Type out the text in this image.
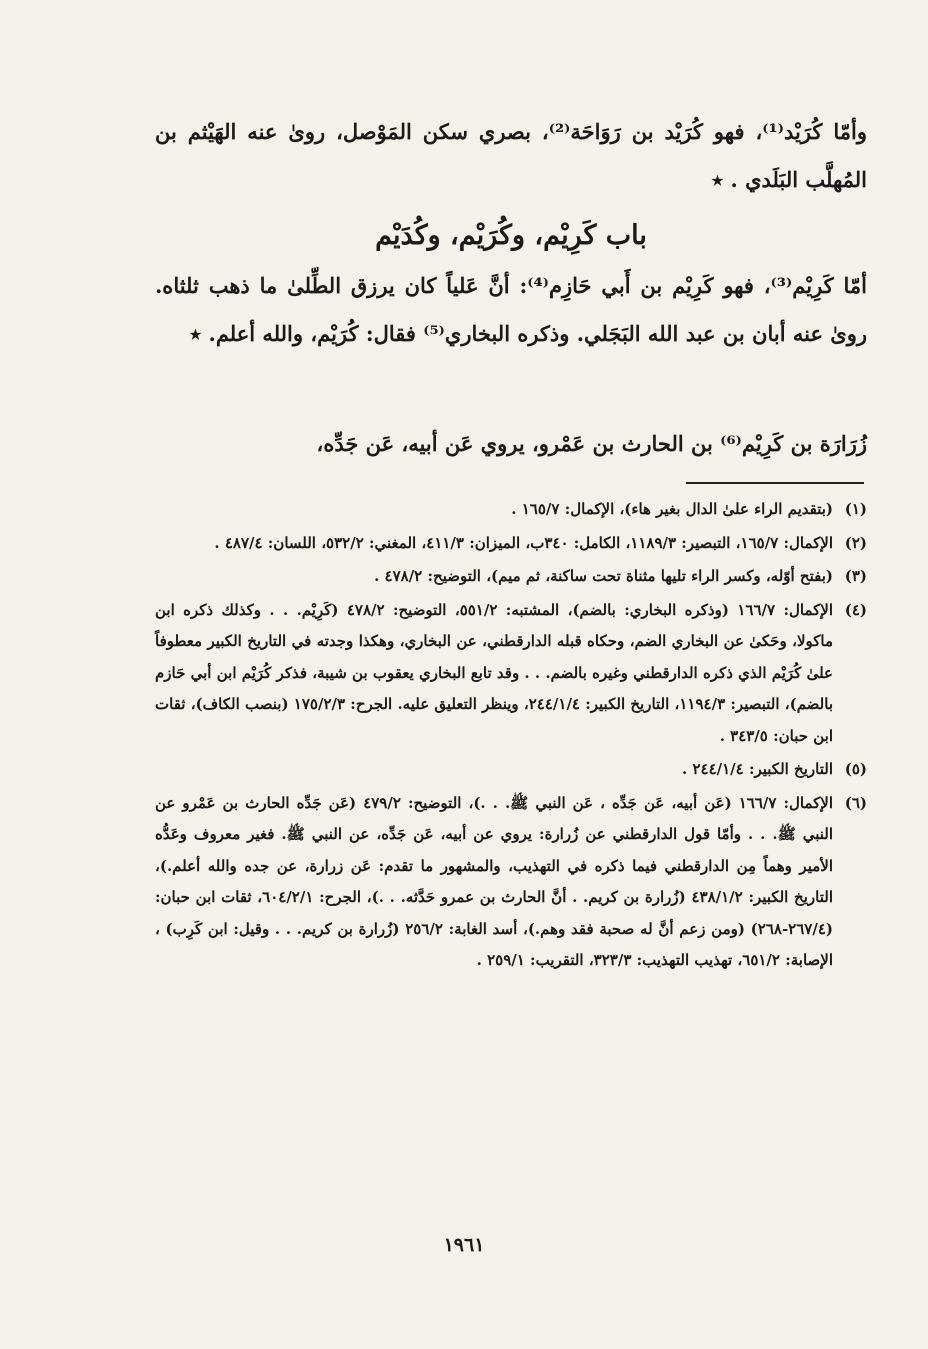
وأمّا كُرَيْد⁽¹⁾، فهو كُرَيْد بن رَوَاحَة⁽²⁾، بصري سكن المَوْصل، روىٰ عنه الهَيْثم بن المُهلَّب البَلَدي . ٭

باب كَرِيْم، وكُرَيْم، وكُدَيْم

أمّا كَرِيْم⁽³⁾، فهو كَرِيْم بن أَبي حَازِم⁽⁴⁾: أنَّ عَلياً كان يرزق الطِّلىٰ ما ذهب ثلثاه. روىٰ عنه أبان بن عبد الله البَجَلي. وذكره البخاري⁽⁵⁾ فقال: كُرَيْم، والله أعلم. ٭

زُرَارَة بن كَرِيْم⁽⁶⁾ بن الحارث بن عَمْرو، يروي عَن أبيه، عَن جَدِّه،

(١)
(بتقديم الراء علىٰ الدال بغير هاء)، الإكمال: ١٦٥/٧ .
(٢)
الإكمال: ١٦٥/٧، التبصير: ١١٨٩/٣، الكامل: ٣٤٠ب، الميزان: ٤١١/٣، المغني: ٥٣٢/٢، اللسان: ٤٨٧/٤ .
(٣)
(بفتح أوّله، وكسر الراء تليها مثناة تحت ساكنة، ثم ميم)، التوضيح: ٤٧٨/٢ .
(٤)
الإكمال: ١٦٦/٧ (وذكره البخاري: بالضم)، المشتبه: ٥٥١/٢، التوضيح: ٤٧٨/٢ (كَرِيْم. . . وكذلك ذكره ابن ماكولا، وحَكىٰ عن البخاري الضم، وحكاه قبله الدارقطني، عن البخاري، وهكذا وجدته في التاريخ الكبير معطوفاً علىٰ كُرَيْم الذي ذكره الدارقطني وغيره بالضم. . . وقد تابع البخاري يعقوب بن شيبة، فذكر كُرَيْم ابن أبي حَازم بالضم)، التبصير: ١١٩٤/٣، التاريخ الكبير: ٢٤٤/١/٤، وينظر التعليق عليه. الجرح: ١٧٥/٢/٣ (بنصب الكاف)، ثقات ابن حبان: ٣٤٣/٥ .
(٥)
التاريخ الكبير: ٢٤٤/١/٤ .
(٦)
الإكمال: ١٦٦/٧ (عَن أبيه، عَن جَدِّه ، عَن النبي ﷺ. . .)، التوضيح: ٤٧٩/٢ (عَن جَدِّه الحارث بن عَمْرو عن النبي ﷺ. . . وأمّا قول الدارقطني عن زُرارة: يروي عن أبيه، عَن جَدِّه، عن النبي ﷺ. فغير معروف وعَدُّه الأمير وهماً مِن الدارقطني فيما ذكره في التهذيب، والمشهور ما تقدم: عَن زرارة، عن جده والله أعلم.)، التاريخ الكبير: ٤٣٨/١/٢ (زُرارة بن كريم. . أنَّ الحارث بن عمرو حَدَّثه. . .)، الجرح: ٦٠٤/٢/١، ثقات ابن حبان: (٢٦٧/٤-٢٦٨) (ومن زعم أنَّ له صحبة فقد وهم.)، أسد الغابة: ٢٥٦/٢ (زُرارة بن كريم. . . وقيل: ابن كَرِب) ، الإصابة: ٦٥١/٢، تهذيب التهذيب: ٣٢٣/٣، التقريب: ٢٥٩/١ .
١٩٦١
